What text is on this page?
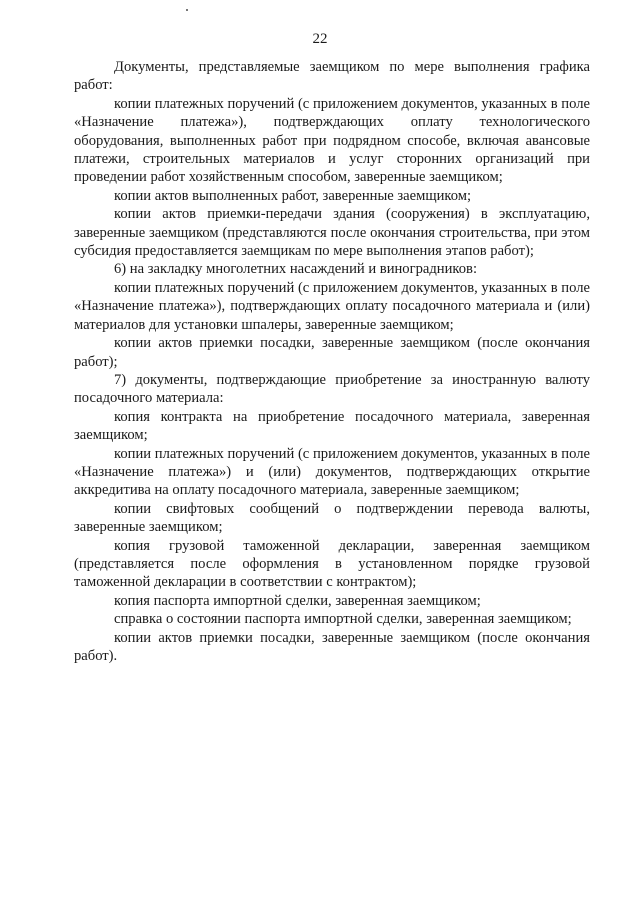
22

Документы, представляемые заемщиком по мере выполнения графика работ:

копии платежных поручений (с приложением документов, указанных в поле «Назначение платежа»), подтверждающих оплату технологического оборудования, выполненных работ при подрядном способе, включая авансовые платежи, строительных материалов и услуг сторонних организаций при проведении работ хозяйственным способом, заверенные заемщиком;

копии актов выполненных работ, заверенные заемщиком;

копии актов приемки-передачи здания (сооружения) в эксплуатацию, заверенные заемщиком (представляются после окончания строительства, при этом субсидия предоставляется заемщикам по мере выполнения этапов работ);

6) на закладку многолетних насаждений и виноградников:

копии платежных поручений (с приложением документов, указанных в поле «Назначение платежа»), подтверждающих оплату посадочного материала и (или) материалов для установки шпалеры, заверенные заемщиком;

копии актов приемки посадки, заверенные заемщиком (после окончания работ);

7) документы, подтверждающие приобретение за иностранную валюту посадочного материала:

копия контракта на приобретение посадочного материала, заверенная заемщиком;

копии платежных поручений (с приложением документов, указанных в поле «Назначение платежа») и (или) документов, подтверждающих открытие аккредитива на оплату посадочного материала, заверенные заемщиком;

копии свифтовых сообщений о подтверждении перевода валюты, заверенные заемщиком;

копия грузовой таможенной декларации, заверенная заемщиком (представляется после оформления в установленном порядке грузовой таможенной декларации в соответствии с контрактом);

копия паспорта импортной сделки, заверенная заемщиком;

справка о состоянии паспорта импортной сделки, заверенная заемщиком;

копии актов приемки посадки, заверенные заемщиком (после окончания работ).
